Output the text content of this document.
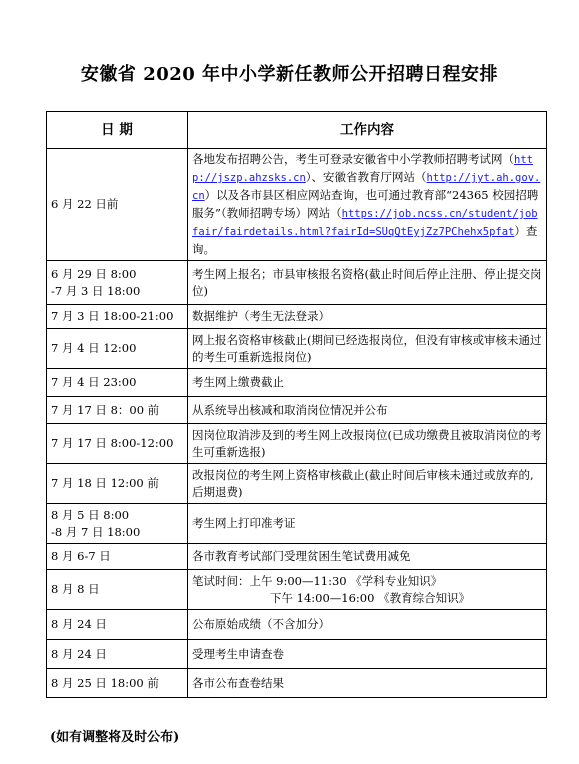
安徽省 2020 年中小学新任教师公开招聘日程安排
日 期	工作内容
6 月 22 日前	各地发布招聘公告，考生可登录安徽省中小学教师招聘考试网（http://jszp.ahzsks.cn）、安徽省教育厅网站（http://jyt.ah.gov.cn）以及各市县区相应网站查询，也可通过教育部“24365 校园招聘服务”（教师招聘专场）网站（https://job.ncss.cn/student/jobfair/fairdetails.html?fairId=SUqQtEyjZz7PChehx5pfat）查询。

6 月 29 日 8:00
-7 月 3 日 18:00	考生网上报名；市县审核报名资格(截止时间后停止注册、停止提交岗位)
7 月 3 日 18:00-21:00	数据维护（考生无法登录）
7 月 4 日 12:00	网上报名资格审核截止(期间已经选报岗位，但没有审核或审核未通过的考生可重新选报岗位)
7 月 4 日 23:00	考生网上缴费截止
7 月 17 日 8：00 前	从系统导出核减和取消岗位情况并公布
7 月 17 日 8:00-12:00	因岗位取消涉及到的考生网上改报岗位(已成功缴费且被取消岗位的考生可重新选报)
7 月 18 日 12:00 前	改报岗位的考生网上资格审核截止(截止时间后审核未通过或放弃的,后期退费)

8 月 5 日 8:00
-8 月 7 日 18:00	考生网上打印准考证
8 月 6-7 日	各市教育考试部门受理贫困生笔试费用减免
8 月 8 日	笔试时间：上午 9:00—11:30 《学科专业知识》
下午 14:00—16:00 《教育综合知识》

8 月 24 日	公布原始成绩（不含加分）
8 月 24 日	受理考生申请查卷
8 月 25 日 18:00 前	各市公布查卷结果
(如有调整将及时公布)
